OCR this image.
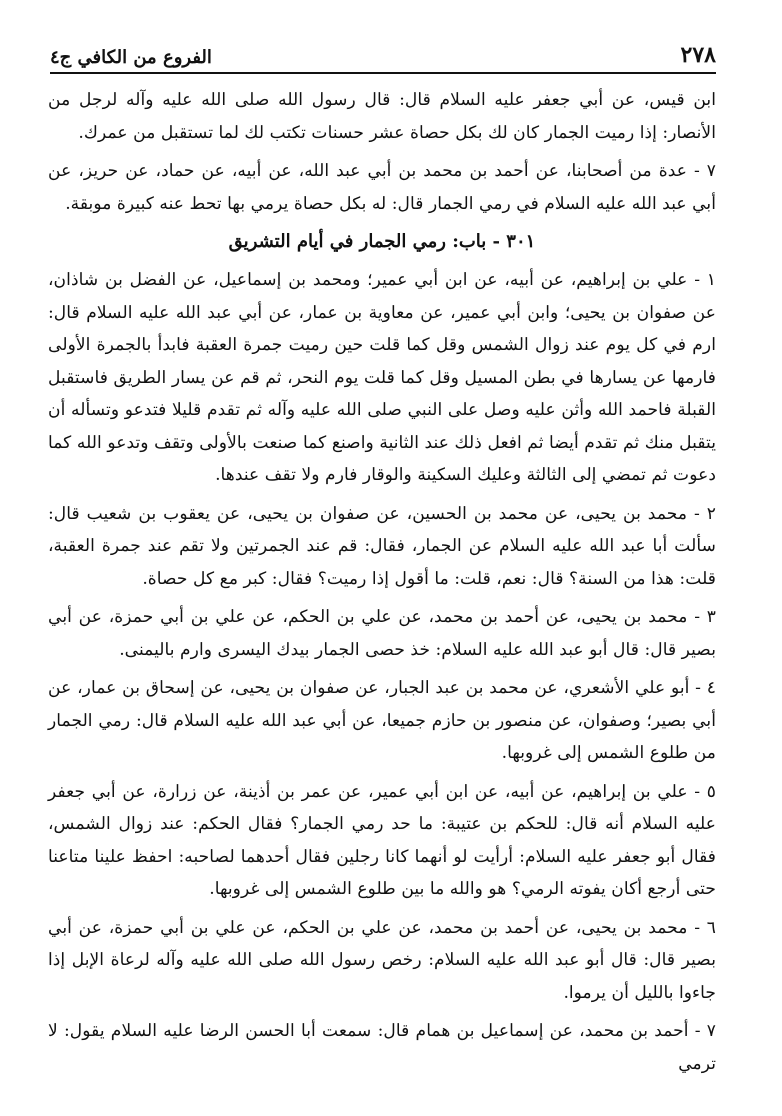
٢٧٨
الفروع من الكافي ج٤

ابن قيس، عن أبي جعفر عليه السلام قال: قال رسول الله صلى الله عليه وآله لرجل من الأنصار: إذا رميت الجمار كان لك بكل حصاة عشر حسنات تكتب لك لما تستقبل من عمرك.

٧ - عدة من أصحابنا، عن أحمد بن محمد بن أبي عبد الله، عن أبيه، عن حماد، عن حريز، عن أبي عبد الله عليه السلام في رمي الجمار قال: له بكل حصاة يرمي بها تحط عنه كبيرة موبقة.

٣٠١ - باب: رمي الجمار في أيام التشريق

١ - علي بن إبراهيم، عن أبيه، عن ابن أبي عمير؛ ومحمد بن إسماعيل، عن الفضل بن شاذان، عن صفوان بن يحيى؛ وابن أبي عمير، عن معاوية بن عمار، عن أبي عبد الله عليه السلام قال: ارم في كل يوم عند زوال الشمس وقل كما قلت حين رميت جمرة العقبة فابدأ بالجمرة الأولى فارمها عن يسارها في بطن المسيل وقل كما قلت يوم النحر، ثم قم عن يسار الطريق فاستقبل القبلة فاحمد الله وأثن عليه وصل على النبي صلى الله عليه وآله ثم تقدم قليلا فتدعو وتسأله أن يتقبل منك ثم تقدم أيضا ثم افعل ذلك عند الثانية واصنع كما صنعت بالأولى وتقف وتدعو الله كما دعوت ثم تمضي إلى الثالثة وعليك السكينة والوقار فارم ولا تقف عندها.

٢ - محمد بن يحيى، عن محمد بن الحسين، عن صفوان بن يحيى، عن يعقوب بن شعيب قال: سألت أبا عبد الله عليه السلام عن الجمار، فقال: قم عند الجمرتين ولا تقم عند جمرة العقبة، قلت: هذا من السنة؟ قال: نعم، قلت: ما أقول إذا رميت؟ فقال: كبر مع كل حصاة.

٣ - محمد بن يحيى، عن أحمد بن محمد، عن علي بن الحكم، عن علي بن أبي حمزة، عن أبي بصير قال: قال أبو عبد الله عليه السلام: خذ حصى الجمار بيدك اليسرى وارم باليمنى.

٤ - أبو علي الأشعري، عن محمد بن عبد الجبار، عن صفوان بن يحيى، عن إسحاق بن عمار، عن أبي بصير؛ وصفوان، عن منصور بن حازم جميعا، عن أبي عبد الله عليه السلام قال: رمي الجمار من طلوع الشمس إلى غروبها.

٥ - علي بن إبراهيم، عن أبيه، عن ابن أبي عمير، عن عمر بن أذينة، عن زرارة، عن أبي جعفر عليه السلام أنه قال: للحكم بن عتيبة: ما حد رمي الجمار؟ فقال الحكم: عند زوال الشمس، فقال أبو جعفر عليه السلام: أرأيت لو أنهما كانا رجلين فقال أحدهما لصاحبه: احفظ علينا متاعنا حتى أرجع أكان يفوته الرمي؟ هو والله ما بين طلوع الشمس إلى غروبها.

٦ - محمد بن يحيى، عن أحمد بن محمد، عن علي بن الحكم، عن علي بن أبي حمزة، عن أبي بصير قال: قال أبو عبد الله عليه السلام: رخص رسول الله صلى الله عليه وآله لرعاة الإبل إذا جاءوا بالليل أن يرموا.

٧ - أحمد بن محمد، عن إسماعيل بن همام قال: سمعت أبا الحسن الرضا عليه السلام يقول: لا ترمي
